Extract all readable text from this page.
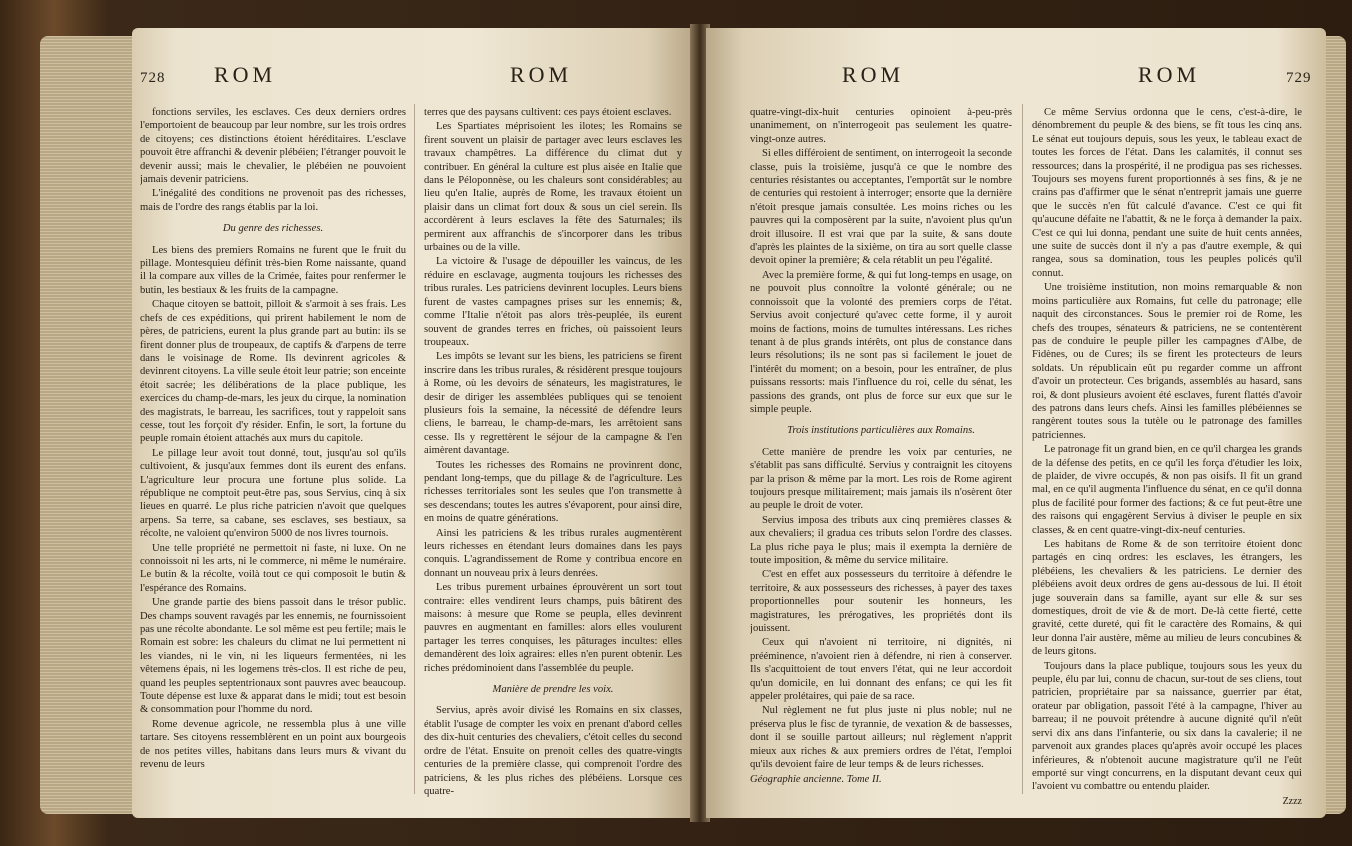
728 ROM	ROM

fonctions serviles, les esclaves. Ces deux derniers ordres l'emportoient de beaucoup par leur nombre, sur les trois ordres de citoyens; ces distinctions étoient héréditaires. L'esclave pouvoit être affranchi & devenir plébéien; l'étranger pouvoit le devenir aussi; mais le chevalier, le plébéien ne pouvoient jamais devenir patriciens.

L'inégalité des conditions ne provenoit pas des richesses, mais de l'ordre des rangs établis par la loi.

Du genre des richesses.

Les biens des premiers Romains ne furent que le fruit du pillage. Montesquieu définit très-bien Rome naissante, quand il la compare aux villes de la Crimée, faites pour renfermer le butin, les bestiaux & les fruits de la campagne.

Chaque citoyen se battoit, pilloit & s'armoit à ses frais. Les chefs de ces expéditions, qui prirent habilement le nom de pères, de patriciens, eurent la plus grande part au butin: ils se firent donner plus de troupeaux, de captifs & d'arpens de terre dans le voisinage de Rome. Ils devinrent agricoles & devinrent citoyens. La ville seule étoit leur patrie; son enceinte étoit sacrée; les délibérations de la place publique, les exercices du champ-de-mars, les jeux du cirque, la nomination des magistrats, le barreau, les sacrifices, tout y rappeloit sans cesse, tout les forçoit d'y résider. Enfin, le sort, la fortune du peuple romain étoient attachés aux murs du capitole.

Le pillage leur avoit tout donné, tout, jusqu'au sol qu'ils cultivoient, & jusqu'aux femmes dont ils eurent des enfans. L'agriculture leur procura une fortune plus solide. La république ne comptoit peut-être pas, sous Servius, cinq à six lieues en quarré. Le plus riche patricien n'avoit que quelques arpens. Sa terre, sa cabane, ses esclaves, ses bestiaux, sa récolte, ne valoient qu'environ 5000 de nos livres tournois.

Une telle propriété ne permettoit ni faste, ni luxe. On ne connoissoit ni les arts, ni le commerce, ni même le numéraire. Le butin & la récolte, voilà tout ce qui composoit le butin & l'espérance des Romains.

Une grande partie des biens passoit dans le trésor public. Des champs souvent ravagés par les ennemis, ne fournissoient pas une récolte abondante. Le sol même est peu fertile; mais le Romain est sobre: les chaleurs du climat ne lui permettent ni les viandes, ni le vin, ni les liqueurs fermentées, ni les vêtemens épais, ni les logemens très-clos. Il est riche de peu, quand les peuples septentrionaux sont pauvres avec beaucoup. Toute dépense est luxe & apparat dans le midi; tout est besoin & consommation pour l'homme du nord.

Rome devenue agricole, ne ressembla plus à une ville tartare. Ses citoyens ressemblèrent en un point aux bourgeois de nos petites villes, habitans dans leurs murs & vivant du revenu de leurs

terres que des paysans cultivent: ces pays étoient esclaves.

Les Spartiates méprisoient les ilotes; les Romains se firent souvent un plaisir de partager avec leurs esclaves les travaux champêtres. La différence du climat dut y contribuer. En général la culture est plus aisée en Italie que dans le Péloponnèse, ou les chaleurs sont considérables; au lieu qu'en Italie, auprès de Rome, les travaux étoient un plaisir dans un climat fort doux & sous un ciel serein. Ils accordèrent à leurs esclaves la fête des Saturnales; ils permirent aux affranchis de s'incorporer dans les tribus urbaines ou de la ville.

La victoire & l'usage de dépouiller les vaincus, de les réduire en esclavage, augmenta toujours les richesses des tribus rurales. Les patriciens devinrent locuples. Leurs biens furent de vastes campagnes prises sur les ennemis; &, comme l'Italie n'étoit pas alors très-peuplée, ils eurent souvent de grandes terres en friches, où paissoient leurs troupeaux.

Les impôts se levant sur les biens, les patriciens se firent inscrire dans les tribus rurales, & résidèrent presque toujours à Rome, où les devoirs de sénateurs, les magistratures, le desir de diriger les assemblées publiques qui se tenoient plusieurs fois la semaine, la nécessité de défendre leurs cliens, le barreau, le champ-de-mars, les arrêtoient sans cesse. Ils y regrettèrent le séjour de la campagne & l'en aimèrent davantage.

Toutes les richesses des Romains ne provinrent donc, pendant long-temps, que du pillage & de l'agriculture. Les richesses territoriales sont les seules que l'on transmette à ses descendans; toutes les autres s'évaporent, pour ainsi dire, en moins de quatre générations.

Ainsi les patriciens & les tribus rurales augmentèrent leurs richesses en étendant leurs domaines dans les pays conquis. L'agrandissement de Rome y contribua encore en donnant un nouveau prix à leurs denrées.

Les tribus purement urbaines éprouvèrent un sort tout contraire: elles vendirent leurs champs, puis bâtirent des maisons: à mesure que Rome se peupla, elles devinrent pauvres en augmentant en familles: alors elles voulurent partager les terres conquises, les pâturages incultes: elles demandèrent des loix agraires: elles n'en purent obtenir. Les riches prédominoient dans l'assemblée du peuple.

Manière de prendre les voix.

Servius, après avoir divisé les Romains en six classes, établit l'usage de compter les voix en prenant d'abord celles des dix-huit centuries des chevaliers, c'étoit celles du second ordre de l'état. Ensuite on prenoit celles des quatre-vingts centuries de la première classe, qui comprenoit l'ordre des patriciens, & les plus riches des plébéiens. Lorsque ces quatre-

ROM	ROM	729

quatre-vingt-dix-huit centuries opinoient à-peu-près unanimement, on n'interrogeoit pas seulement les quatre-vingt-onze autres.

Si elles différoient de sentiment, on interrogeoit la seconde classe, puis la troisième, jusqu'à ce que le nombre des centuries résistantes ou acceptantes, l'emportât sur le nombre de centuries qui restoient à interroger; ensorte que la dernière n'étoit presque jamais consultée. Les moins riches ou les pauvres qui la composèrent par la suite, n'avoient plus qu'un droit illusoire. Il est vrai que par la suite, & sans doute d'après les plaintes de la sixième, on tira au sort quelle classe devoit opiner la première; & cela rétablit un peu l'égalité.

Avec la première forme, & qui fut long-temps en usage, on ne pouvoit plus connoître la volonté générale; ou ne connoissoit que la volonté des premiers corps de l'état. Servius avoit conjecturé qu'avec cette forme, il y auroit moins de factions, moins de tumultes intéressans. Les riches tenant à de plus grands intérêts, ont plus de constance dans leurs résolutions; ils ne sont pas si facilement le jouet de l'intérêt du moment; on a besoin, pour les entraîner, de plus puissans ressorts: mais l'influence du roi, celle du sénat, les passions des grands, ont plus de force sur eux que sur le simple peuple.

Trois institutions particulières aux Romains.

Cette manière de prendre les voix par centuries, ne s'établit pas sans difficulté. Servius y contraignit les citoyens par la prison & même par la mort. Les rois de Rome agirent toujours presque militairement; mais jamais ils n'osèrent ôter au peuple le droit de voter.

Servius imposa des tributs aux cinq premières classes & aux chevaliers; il gradua ces tributs selon l'ordre des classes. La plus riche paya le plus; mais il exempta la dernière de toute imposition, & même du service militaire.

C'est en effet aux possesseurs du territoire à défendre le territoire, & aux possesseurs des richesses, à payer des taxes proportionnelles pour soutenir les honneurs, les magistratures, les prérogatives, les propriétés dont ils jouissent.

Ceux qui n'avoient ni territoire, ni dignités, ni prééminence, n'avoient rien à défendre, ni rien à conserver. Ils s'acquittoient de tout envers l'état, qui ne leur accordoit qu'un domicile, en lui donnant des enfans; ce qui les fit appeler prolétaires, qui paie de sa race.

Nul règlement ne fut plus juste ni plus noble; nul ne préserva plus le fisc de tyrannie, de vexation & de bassesses, dont il se souille partout ailleurs; nul règlement n'apprit mieux aux riches & aux premiers ordres de l'état, l'emploi qu'ils devoient faire de leur temps & de leurs richesses.

Géographie ancienne. Tome II.

Ce même Servius ordonna que le cens, c'est-à-dire, le dénombrement du peuple & des biens, se fît tous les cinq ans. Le sénat eut toujours depuis, sous les yeux, le tableau exact de toutes les forces de l'état. Dans les calamités, il connut ses ressources; dans la prospérité, il ne prodigua pas ses richesses. Toujours ses moyens furent proportionnés à ses fins, & je ne crains pas d'affirmer que le sénat n'entreprit jamais une guerre que le succès n'en fût calculé d'avance. C'est ce qui fit qu'aucune défaite ne l'abattit, & ne le força à demander la paix. C'est ce qui lui donna, pendant une suite de huit cents années, une suite de succès dont il n'y a pas d'autre exemple, & qui rangea, sous sa domination, tous les peuples policés qu'il connut.

Une troisième institution, non moins remarquable & non moins particulière aux Romains, fut celle du patronage; elle naquit des circonstances. Sous le premier roi de Rome, les chefs des troupes, sénateurs & patriciens, ne se contentèrent pas de conduire le peuple piller les campagnes d'Albe, de Fidènes, ou de Cures; ils se firent les protecteurs de leurs soldats. Un républicain eût pu regarder comme un affront d'avoir un protecteur. Ces brigands, assemblés au hasard, sans roi, & dont plusieurs avoient été esclaves, furent flattés d'avoir des patrons dans leurs chefs. Ainsi les familles plébéiennes se rangèrent toutes sous la tutèle ou le patronage des familles patriciennes.

Le patronage fit un grand bien, en ce qu'il chargea les grands de la défense des petits, en ce qu'il les força d'étudier les loix, de plaider, de vivre occupés, & non pas oisifs. Il fit un grand mal, en ce qu'il augmenta l'influence du sénat, en ce qu'il donna plus de facilité pour former des factions; & ce fut peut-être une des raisons qui engagèrent Servius à diviser le peuple en six classes, & en cent quatre-vingt-dix-neuf centuries.

Les habitans de Rome & de son territoire étoient donc partagés en cinq ordres: les esclaves, les étrangers, les plébéiens, les chevaliers & les patriciens. Le dernier des plébéiens avoit deux ordres de gens au-dessous de lui. Il étoit juge souverain dans sa famille, ayant sur elle & sur ses domestiques, droit de vie & de mort. De-là cette fierté, cette gravité, cette dureté, qui fit le caractère des Romains, & qui leur donna l'air austère, même au milieu de leurs concubines & de leurs gitons.

Toujours dans la place publique, toujours sous les yeux du peuple, élu par lui, connu de chacun, sur-tout de ses cliens, tout patricien, propriétaire par sa naissance, guerrier par état, orateur par obligation, passoit l'été à la campagne, l'hiver au barreau; il ne pouvoit prétendre à aucune dignité qu'il n'eût servi dix ans dans l'infanterie, ou six dans la cavalerie; il ne parvenoit aux grandes places qu'après avoir occupé les places inférieures, & n'obtenoit aucune magistrature qu'il ne l'eût emporté sur vingt concurrens, en la disputant devant ceux qui l'avoient vu combattre ou entendu plaider.

Zzzz
